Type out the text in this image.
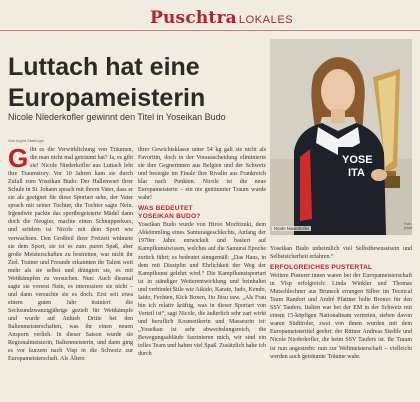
Puschtra LOKALES
Luttach hat eine
Europameisterin

Nicole Niederkofler gewinnt den Titel in Yoseikan Budo

Von Ingrid Stabinger
G ibt es die Verwirklichung von Träumen, die man nicht mal geträumt hat? Ja, es gibt sie! Nicole Niederkofler aus Luttach lebt ihre Traumstory. Vor 10 Jahren kam sie durch Zufall zum Yoseikan Budo: Der Hallenwart ihrer Schule in St. Johann sprach mit ihrem Vater, dass er sie als geeignet für diese Sportart sehe, der Vater sprach mit seiner Tochter, die Tochter sagte Nein. Irgendwie packte das sportbegeisterte Mädel dann doch die Neugier, machte einen Schnupperkurs, und seitdem ist Nicole mit dem Sport wie verwachsen. Den Großteil ihrer Freizeit widmete sie dem Sport, sie ist es zum puren Spaß, aber große Meisterschaften zu bestreiten, war nicht ihr Ziel. Trainer und Freunde erkannten ihr Talent weit mehr als sie selbst und drängten sie, es mit Wettkämpfen zu versuchen. Nun: Auch diesmal sagte sie vorerst Nein, es interessiere sie nicht – und dann versuchte sie es doch. Erst seit etwa einem guten Jahr trainiert die Sechsundzwanzigjährige gezielt für Wettkämpfe und wurde auf Anhieb Dritte bei den Italienmeisterschaften, was ihr einen neuen Ansporn verlieh. In dieser Saison wurde sie Regionalmeisterin, Italienmeisterin, und dann ging es vor kurzem nach Visp in die Schweiz zur Europameisterschaft. Als Ältere

ihrer Gewichtsklasse unter 54 kg galt sie nicht als Favoritin, doch in der Vorausscheidung eliminierte sie ihre Gegnerinnen aus Belgien und der Schweiz und besiegte im Finale ihre Rivalin aus Frankreich klar nach Punkten. Nicole ist die neue Europameisterin – ein nie geträumter Traum wurde wahr!

WAS BEDEUTET
YOSEIKAN BUDO?

Yoseikan Budo wurde von Hiroo Mochizuki, dem Abkömmling eines Samuraigeschlechts, Anfang der 1970er Jahre entwickelt und basiert auf Kampfkunstwissen, welches auf die Samurai Epoche zurück führt; es bedeutet sinngemäß: „Das Haus, in dem mit Disziplin und Ehrlichkeit der Weg der Kampfkunst gelehrt wird.“ Die Kampfkunstsportart ist in ständiger Weiterentwicklung und beinhaltet und verbindet Stile wie Aikido, Karate, Judo, Kendo, Iaido, Fechten, Kick Boxen, Jiu Jitsu usw. „Als Frau bin ich relativ kräftig, was in dieser Sportart von Vorteil ist“, sagt Nicole, die äußerlich sehr zart wirkt und beruflich Kosmetikerin und Masseurin ist: „Yoseikan ist sehr abwechslungsreich, die Bewegungsabläufe faszinieren mich, wir sind ein tolles Team und haben viel Spaß. Zusätzlich habe ich durch

YOSE
ITA
Nicole Niederkofler
Foto: privat

Yoseikan Budo unheimlich viel Selbstbewusstsein und Selbstsicherheit erfahren.“

ERFOLGREICHES PUSTERTAL

Weitere Pusterer:innen waren bei der Europameisterschaft in Visp erfolgreich: Linda Winkler und Thomas Mutschlechner aus Bruneck errangen Silber im Tecnical Team Randori und André Pfattner holte Bronze für den SSV Taufers. Italien war bei der EM in der Schweiz mit einem 15-köpfigen Nationalteam vertreten, sieben davon waren Südtiroler, zwei von ihnen wurden mit dem Europameistertitel geehrt: der Rittner Andreas Stedile und Nicole Niederkofler, die beim SSV Taufers ist. Ihr Traum ist nun angestrebt: nun zur Weltmeisterschaft – vielleicht werden auch geträumte Träume wahr.
